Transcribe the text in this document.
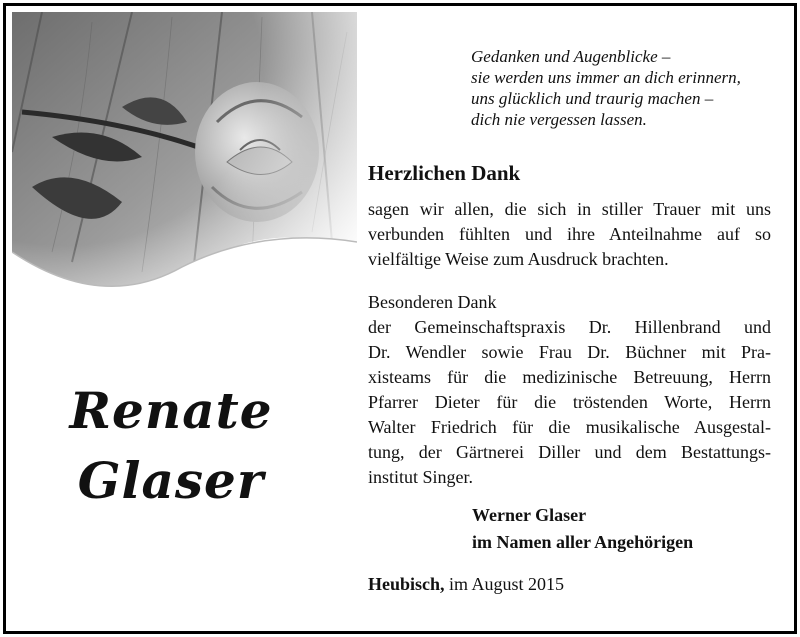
Renate
Glaser
Gedanken und Augenblicke –
sie werden uns immer an dich erinnern,
uns glücklich und traurig machen –
dich nie vergessen lassen.
Herzlichen Dank
sagen wir allen, die sich in stiller Trauer mit uns
verbunden fühlten und ihre Anteilnahme auf so
vielfältige Weise zum Ausdruck brachten.
Besonderen Dank
der Gemeinschaftspraxis Dr. Hillenbrand und
Dr. Wendler sowie Frau Dr. Büchner mit Pra-
xisteams für die medizinische Betreuung, Herrn
Pfarrer Dieter für die tröstenden Worte, Herrn
Walter Friedrich für die musikalische Ausgestal-
tung, der Gärtnerei Diller und dem Bestattungs-
institut Singer.
Werner Glaser
im Namen aller Angehörigen
Heubisch, im August 2015
